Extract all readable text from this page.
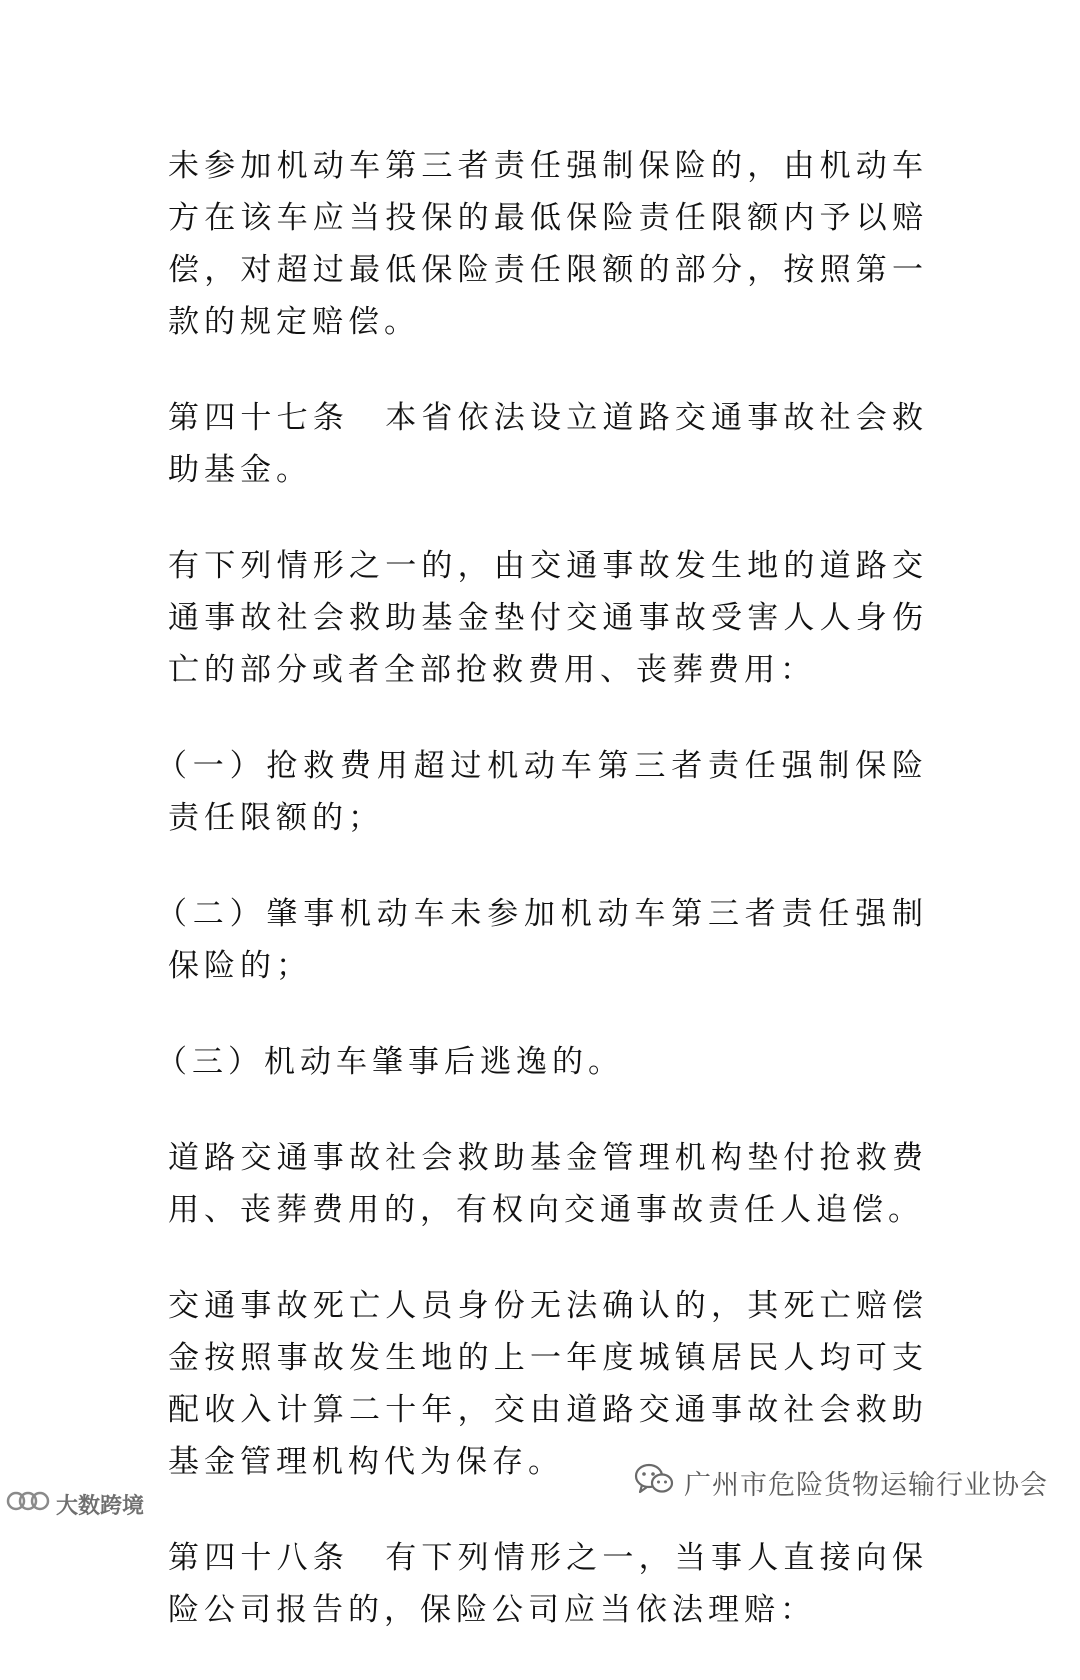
未参加机动车第三者责任强制保险的，由机动车方在该车应当投保的最低保险责任限额内予以赔偿，对超过最低保险责任限额的部分，按照第一款的规定赔偿。

第四十七条　本省依法设立道路交通事故社会救助基金。

有下列情形之一的，由交通事故发生地的道路交通事故社会救助基金垫付交通事故受害人人身伤亡的部分或者全部抢救费用、丧葬费用：

（一）抢救费用超过机动车第三者责任强制保险责任限额的；

（二）肇事机动车未参加机动车第三者责任强制保险的；

（三）机动车肇事后逃逸的。

道路交通事故社会救助基金管理机构垫付抢救费用、丧葬费用的，有权向交通事故责任人追偿。

交通事故死亡人员身份无法确认的，其死亡赔偿金按照事故发生地的上一年度城镇居民人均可支配收入计算二十年，交由道路交通事故社会救助基金管理机构代为保存。

第四十八条　有下列情形之一，当事人直接向保险公司报告的，保险公司应当依法理赔：

广州市危险货物运输行业协会
大数跨境
